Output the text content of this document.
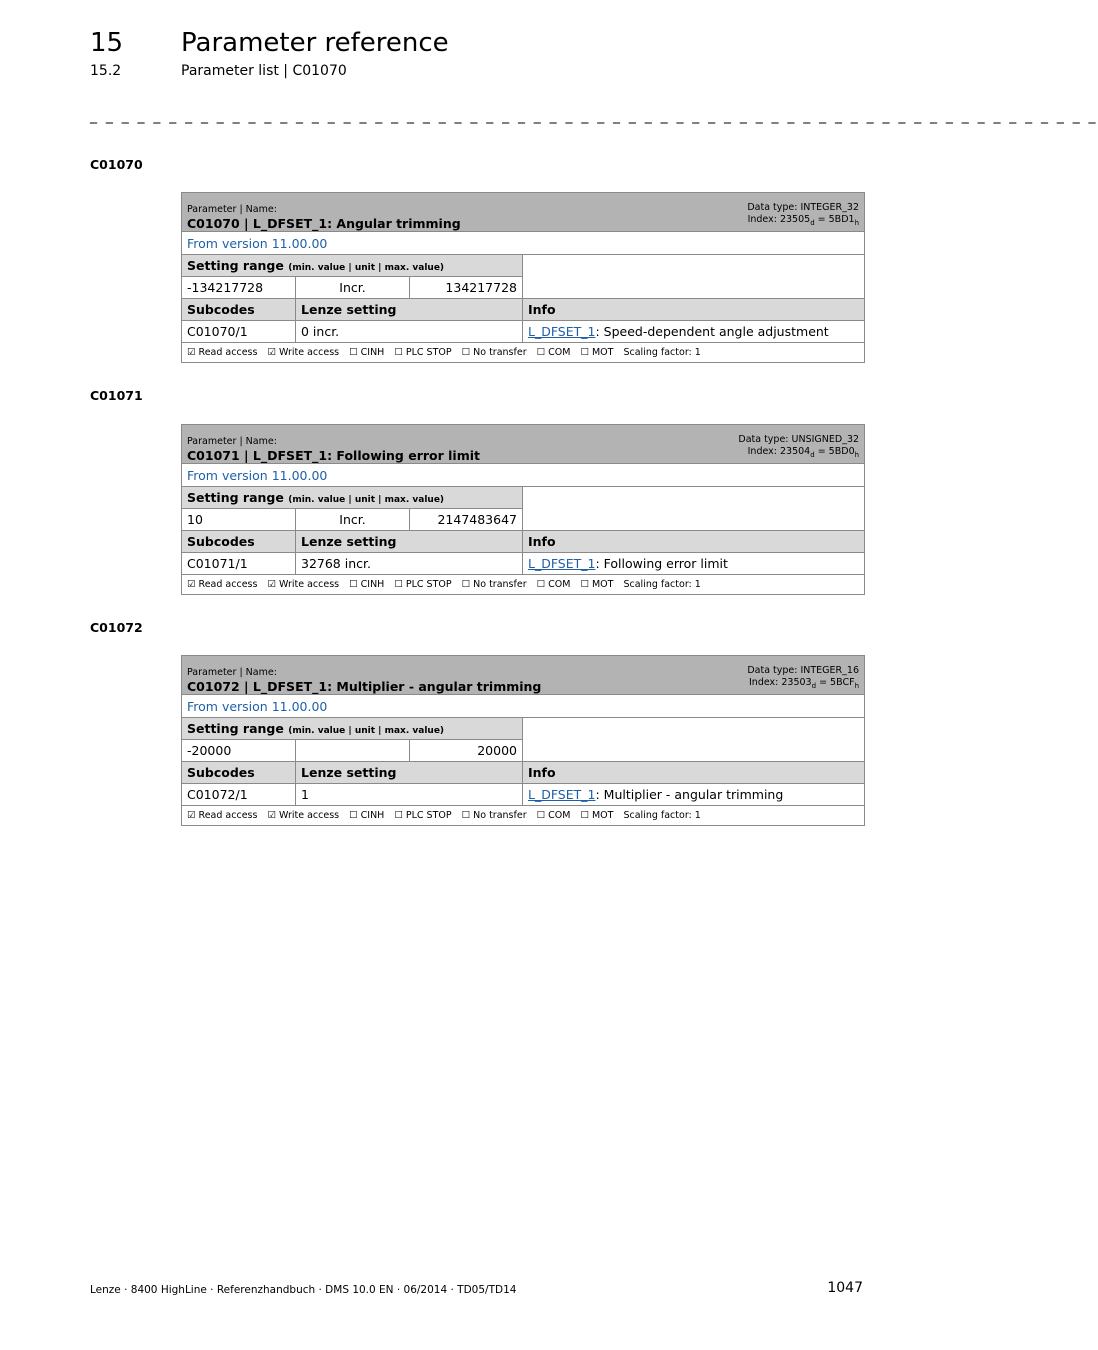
15 Parameter reference
15.2	Parameter list | C01070
_ _ _ _ _ _ _ _ _ _ _ _ _ _ _ _ _ _ _ _ _ _ _ _ _ _ _ _ _ _ _ _ _ _ _ _ _ _ _ _ _ _ _ _ _ _ _ _ _ _ _ _ _ _ _ _ _ _ _ _ _ _ _ _
C01070
Parameter | Name:
C01070 | L_DFSET_1: Angular trimming
Data type: INTEGER_32
Index: $23505_d = 5BD1_h$

From version 11.00.00			
Setting range (min. value | unit | max. value)			
-134217728	Incr.	134217728	
Subcodes	Lenze setting		Info
C01070/1	0 incr.		L_DFSET_1: Speed-dependent angle adjustment
☑ Read access ☑ Write access ☐ CINH ☐ PLC STOP ☐ No transfer ☐ COM ☐ MOT Scaling factor: 1			
C01071
Parameter | Name:
C01071 | L_DFSET_1: Following error limit
Data type: UNSIGNED_32
Index: $23504_d = 5BD0_h$

From version 11.00.00			
Setting range (min. value | unit | max. value)			
10	Incr.	2147483647	
Subcodes	Lenze setting		Info
C01071/1	32768 incr.		L_DFSET_1: Following error limit
☑ Read access ☑ Write access ☐ CINH ☐ PLC STOP ☐ No transfer ☐ COM ☐ MOT Scaling factor: 1			
C01072
Parameter | Name:
C01072 | L_DFSET_1: Multiplier - angular trimming
Data type: INTEGER_16
Index: $23503_d = 5BCF_h$

From version 11.00.00			
Setting range (min. value | unit | max. value)			
-20000		20000	
Subcodes	Lenze setting		Info
C01072/1	1		L_DFSET_1: Multiplier - angular trimming
☑ Read access ☑ Write access ☐ CINH ☐ PLC STOP ☐ No transfer ☐ COM ☐ MOT Scaling factor: 1			
Lenze · 8400 HighLine · Referenzhandbuch · DMS 10.0 EN · 06/2014 · TD05/TD14	1047
